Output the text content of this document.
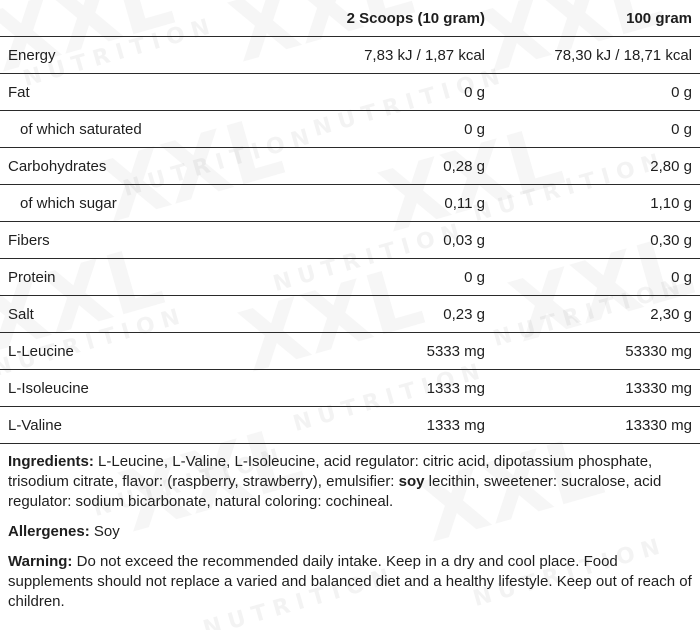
	2 Scoops (10 gram)	100 gram
Energy	7,83 kJ / 1,87 kcal	78,30 kJ / 18,71 kcal
Fat	0 g	0 g
of which saturated	0 g	0 g
Carbohydrates	0,28 g	2,80 g
of which sugar	0,11 g	1,10 g
Fibers	0,03 g	0,30 g
Protein	0 g	0 g
Salt	0,23 g	2,30 g
L-Leucine	5333 mg	53330 mg
L-Isoleucine	1333 mg	13330 mg
L-Valine	1333 mg	13330 mg

Ingredients: L-Leucine, L-Valine, L-Isoleucine, acid regulator: citric acid, dipotassium phosphate, trisodium citrate, flavor: (raspberry, strawberry), emulsifier: soy lecithin, sweetener: sucralose, acid regulator: sodium bicarbonate, natural coloring: cochineal.

Allergenes: Soy

Warning: Do not exceed the recommended daily intake. Keep in a dry and cool place. Food supplements should not replace a varied and balanced diet and a healthy lifestyle. Keep out of reach of children.
